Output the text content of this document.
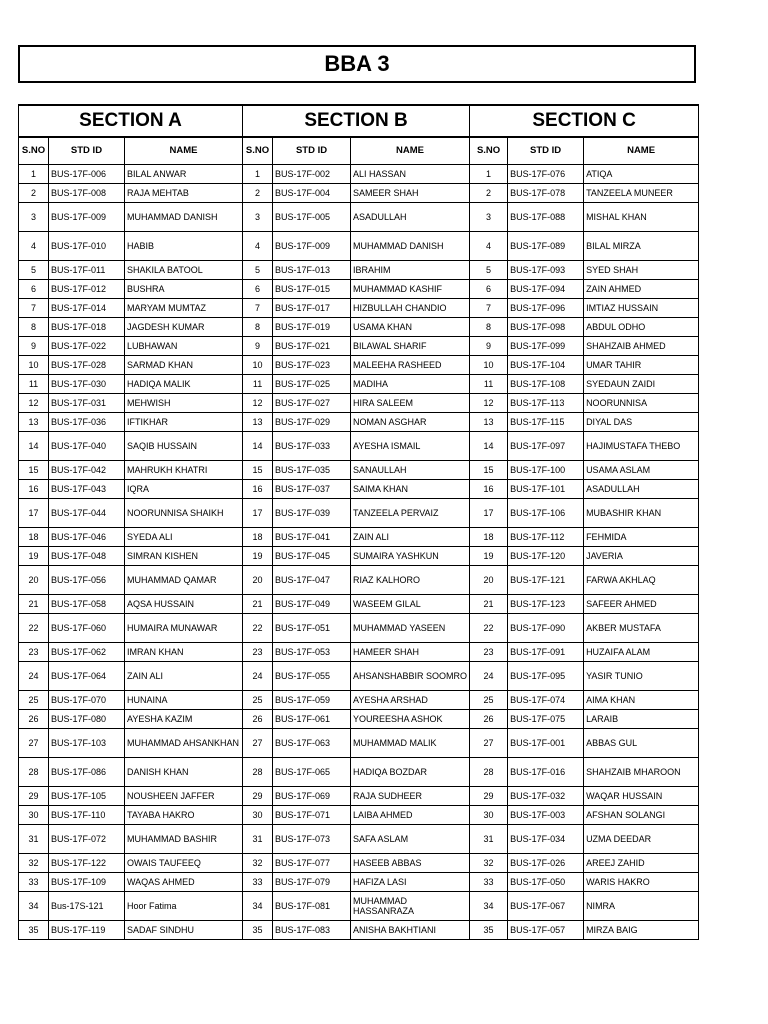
BBA 3
SECTION A			SECTION B			SECTION C		
S.NO	STD ID	NAME	S.NO	STD ID	NAME	S.NO	STD ID	NAME
1	BUS-17F-006	BILAL ANWAR	1	BUS-17F-002	ALI HASSAN	1	BUS-17F-076	ATIQA
2	BUS-17F-008	RAJA MEHTAB	2	BUS-17F-004	SAMEER SHAH	2	BUS-17F-078	TANZEELA MUNEER
3	BUS-17F-009	MUHAMMAD DANISH	3	BUS-17F-005	ASADULLAH	3	BUS-17F-088	MISHAL KHAN
4	BUS-17F-010	HABIB	4	BUS-17F-009	MUHAMMAD DANISH	4	BUS-17F-089	BILAL MIRZA
5	BUS-17F-011	SHAKILA BATOOL	5	BUS-17F-013	IBRAHIM	5	BUS-17F-093	SYED SHAH
6	BUS-17F-012	BUSHRA	6	BUS-17F-015	MUHAMMAD KASHIF	6	BUS-17F-094	ZAIN AHMED
7	BUS-17F-014	MARYAM MUMTAZ	7	BUS-17F-017	HIZBULLAH CHANDIO	7	BUS-17F-096	IMTIAZ HUSSAIN
8	BUS-17F-018	JAGDESH KUMAR	8	BUS-17F-019	USAMA KHAN	8	BUS-17F-098	ABDUL ODHO
9	BUS-17F-022	LUBHAWAN	9	BUS-17F-021	BILAWAL SHARIF	9	BUS-17F-099	SHAHZAIB AHMED
10	BUS-17F-028	SARMAD KHAN	10	BUS-17F-023	MALEEHA RASHEED	10	BUS-17F-104	UMAR TAHIR
11	BUS-17F-030	HADIQA MALIK	11	BUS-17F-025	MADIHA	11	BUS-17F-108	SYEDAUN ZAIDI
12	BUS-17F-031	MEHWISH	12	BUS-17F-027	HIRA SALEEM	12	BUS-17F-113	NOORUNNISA
13	BUS-17F-036	IFTIKHAR	13	BUS-17F-029	NOMAN ASGHAR	13	BUS-17F-115	DIYAL DAS
14	BUS-17F-040	SAQIB HUSSAIN	14	BUS-17F-033	AYESHA ISMAIL	14	BUS-17F-097	HAJIMUSTAFA THEBO
15	BUS-17F-042	MAHRUKH KHATRI	15	BUS-17F-035	SANAULLAH	15	BUS-17F-100	USAMA ASLAM
16	BUS-17F-043	IQRA	16	BUS-17F-037	SAIMA KHAN	16	BUS-17F-101	ASADULLAH
17	BUS-17F-044	NOORUNNISA SHAIKH	17	BUS-17F-039	TANZEELA PERVAIZ	17	BUS-17F-106	MUBASHIR KHAN
18	BUS-17F-046	SYEDA ALI	18	BUS-17F-041	ZAIN ALI	18	BUS-17F-112	FEHMIDA
19	BUS-17F-048	SIMRAN KISHEN	19	BUS-17F-045	SUMAIRA YASHKUN	19	BUS-17F-120	JAVERIA
20	BUS-17F-056	MUHAMMAD QAMAR	20	BUS-17F-047	RIAZ KALHORO	20	BUS-17F-121	FARWA AKHLAQ
21	BUS-17F-058	AQSA HUSSAIN	21	BUS-17F-049	WASEEM GILAL	21	BUS-17F-123	SAFEER AHMED
22	BUS-17F-060	HUMAIRA MUNAWAR	22	BUS-17F-051	MUHAMMAD YASEEN	22	BUS-17F-090	AKBER MUSTAFA
23	BUS-17F-062	IMRAN KHAN	23	BUS-17F-053	HAMEER SHAH	23	BUS-17F-091	HUZAIFA ALAM
24	BUS-17F-064	ZAIN ALI	24	BUS-17F-055	AHSANSHABBIR SOOMRO	24	BUS-17F-095	YASIR TUNIO
25	BUS-17F-070	HUNAINA	25	BUS-17F-059	AYESHA ARSHAD	25	BUS-17F-074	AIMA KHAN
26	BUS-17F-080	AYESHA KAZIM	26	BUS-17F-061	YOUREESHA ASHOK	26	BUS-17F-075	LARAIB
27	BUS-17F-103	MUHAMMAD AHSANKHAN	27	BUS-17F-063	MUHAMMAD MALIK	27	BUS-17F-001	ABBAS GUL
28	BUS-17F-086	DANISH KHAN	28	BUS-17F-065	HADIQA BOZDAR	28	BUS-17F-016	SHAHZAIB MHAROON
29	BUS-17F-105	NOUSHEEN JAFFER	29	BUS-17F-069	RAJA SUDHEER	29	BUS-17F-032	WAQAR HUSSAIN
30	BUS-17F-110	TAYABA HAKRO	30	BUS-17F-071	LAIBA AHMED	30	BUS-17F-003	AFSHAN SOLANGI
31	BUS-17F-072	MUHAMMAD BASHIR	31	BUS-17F-073	SAFA ASLAM	31	BUS-17F-034	UZMA DEEDAR
32	BUS-17F-122	OWAIS TAUFEEQ	32	BUS-17F-077	HASEEB ABBAS	32	BUS-17F-026	AREEJ ZAHID
33	BUS-17F-109	WAQAS AHMED	33	BUS-17F-079	HAFIZA LASI	33	BUS-17F-050	WARIS HAKRO
34	Bus-17S-121	Hoor Fatima	34	BUS-17F-081	MUHAMMAD HASSANRAZA	34	BUS-17F-067	NIMRA
35	BUS-17F-119	SADAF SINDHU	35	BUS-17F-083	ANISHA BAKHTIANI	35	BUS-17F-057	MIRZA BAIG
